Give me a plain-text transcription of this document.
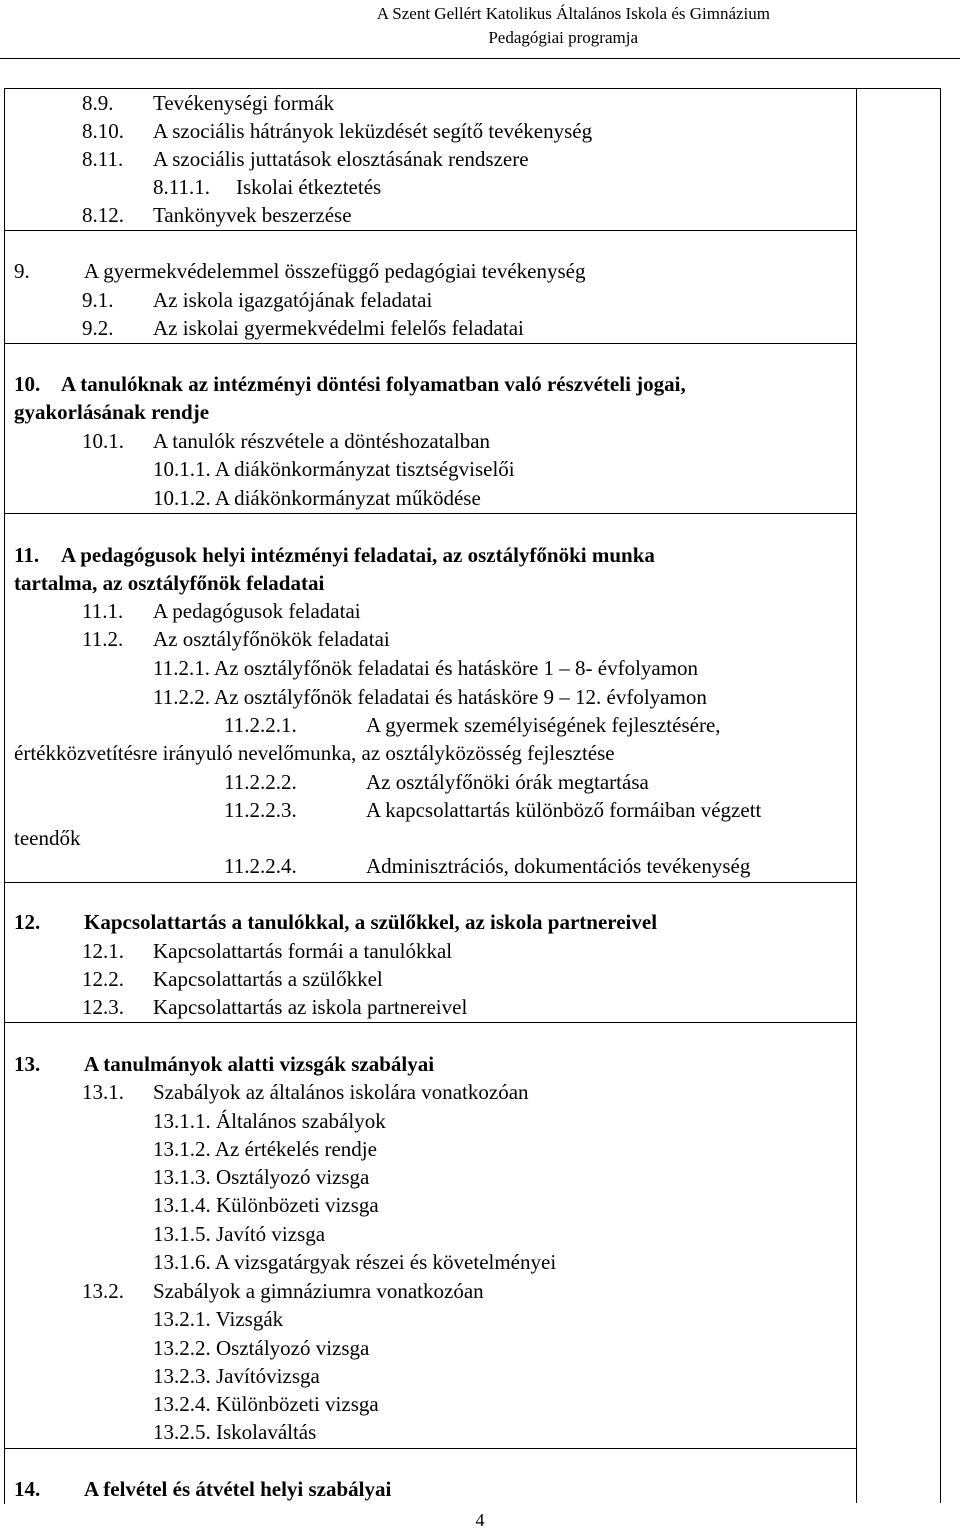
A Szent Gellért Katolikus Általános Iskola és Gimnázium
Pedagógiai programja
8.9. Tevékenységi formák
8.10. A szociális hátrányok leküzdését segítő tevékenység
8.11. A szociális juttatások elosztásának rendszere
8.11.1. Iskolai étkeztetés
8.12. Tankönyvek beszerzése
9.	A gyermekvédelemmel összefüggő pedagógiai tevékenység
9.1. Az iskola igazgatójának feladatai
9.2. Az iskolai gyermekvédelmi felelős feladatai
10. A tanulóknak az intézményi döntési folyamatban való részvételi jogai,
gyakorlásának rendje
10.1. A tanulók részvétele a döntéshozatalban
10.1.1. A diákönkormányzat tisztségviselői
10.1.2. A diákönkormányzat működése
11. A pedagógusok helyi intézményi feladatai, az osztályfőnöki munka
tartalma, az osztályfőnök feladatai
11.1. A pedagógusok feladatai
11.2. Az osztályfőnökök feladatai
11.2.1. Az osztályfőnök feladatai és hatásköre 1 – 8- évfolyamon
11.2.2. Az osztályfőnök feladatai és hatásköre 9 – 12. évfolyamon
11.2.2.1.	A gyermek személyiségének fejlesztésére,
értékközvetítésre irányuló nevelőmunka, az osztályközösség fejlesztése
11.2.2.2.	Az osztályfőnöki órák megtartása
11.2.2.3.	A kapcsolattartás különböző formáiban végzett
teendők
11.2.2.4.	Adminisztrációs, dokumentációs tevékenység
12. Kapcsolattartás a tanulókkal, a szülőkkel, az iskola partnereivel
12.1. Kapcsolattartás formái a tanulókkal
12.2. Kapcsolattartás a szülőkkel
12.3. Kapcsolattartás az iskola partnereivel
13. A tanulmányok alatti vizsgák szabályai
13.1. Szabályok az általános iskolára vonatkozóan
13.1.1. Általános szabályok
13.1.2. Az értékelés rendje
13.1.3. Osztályozó vizsga
13.1.4. Különbözeti vizsga
13.1.5. Javító vizsga
13.1.6. A vizsgatárgyak részei és követelményei
13.2. Szabályok a gimnáziumra vonatkozóan
13.2.1. Vizsgák
13.2.2. Osztályozó vizsga
13.2.3. Javítóvizsga
13.2.4. Különbözeti vizsga
13.2.5. Iskolaváltás
14. A felvétel és átvétel helyi szabályai
4
